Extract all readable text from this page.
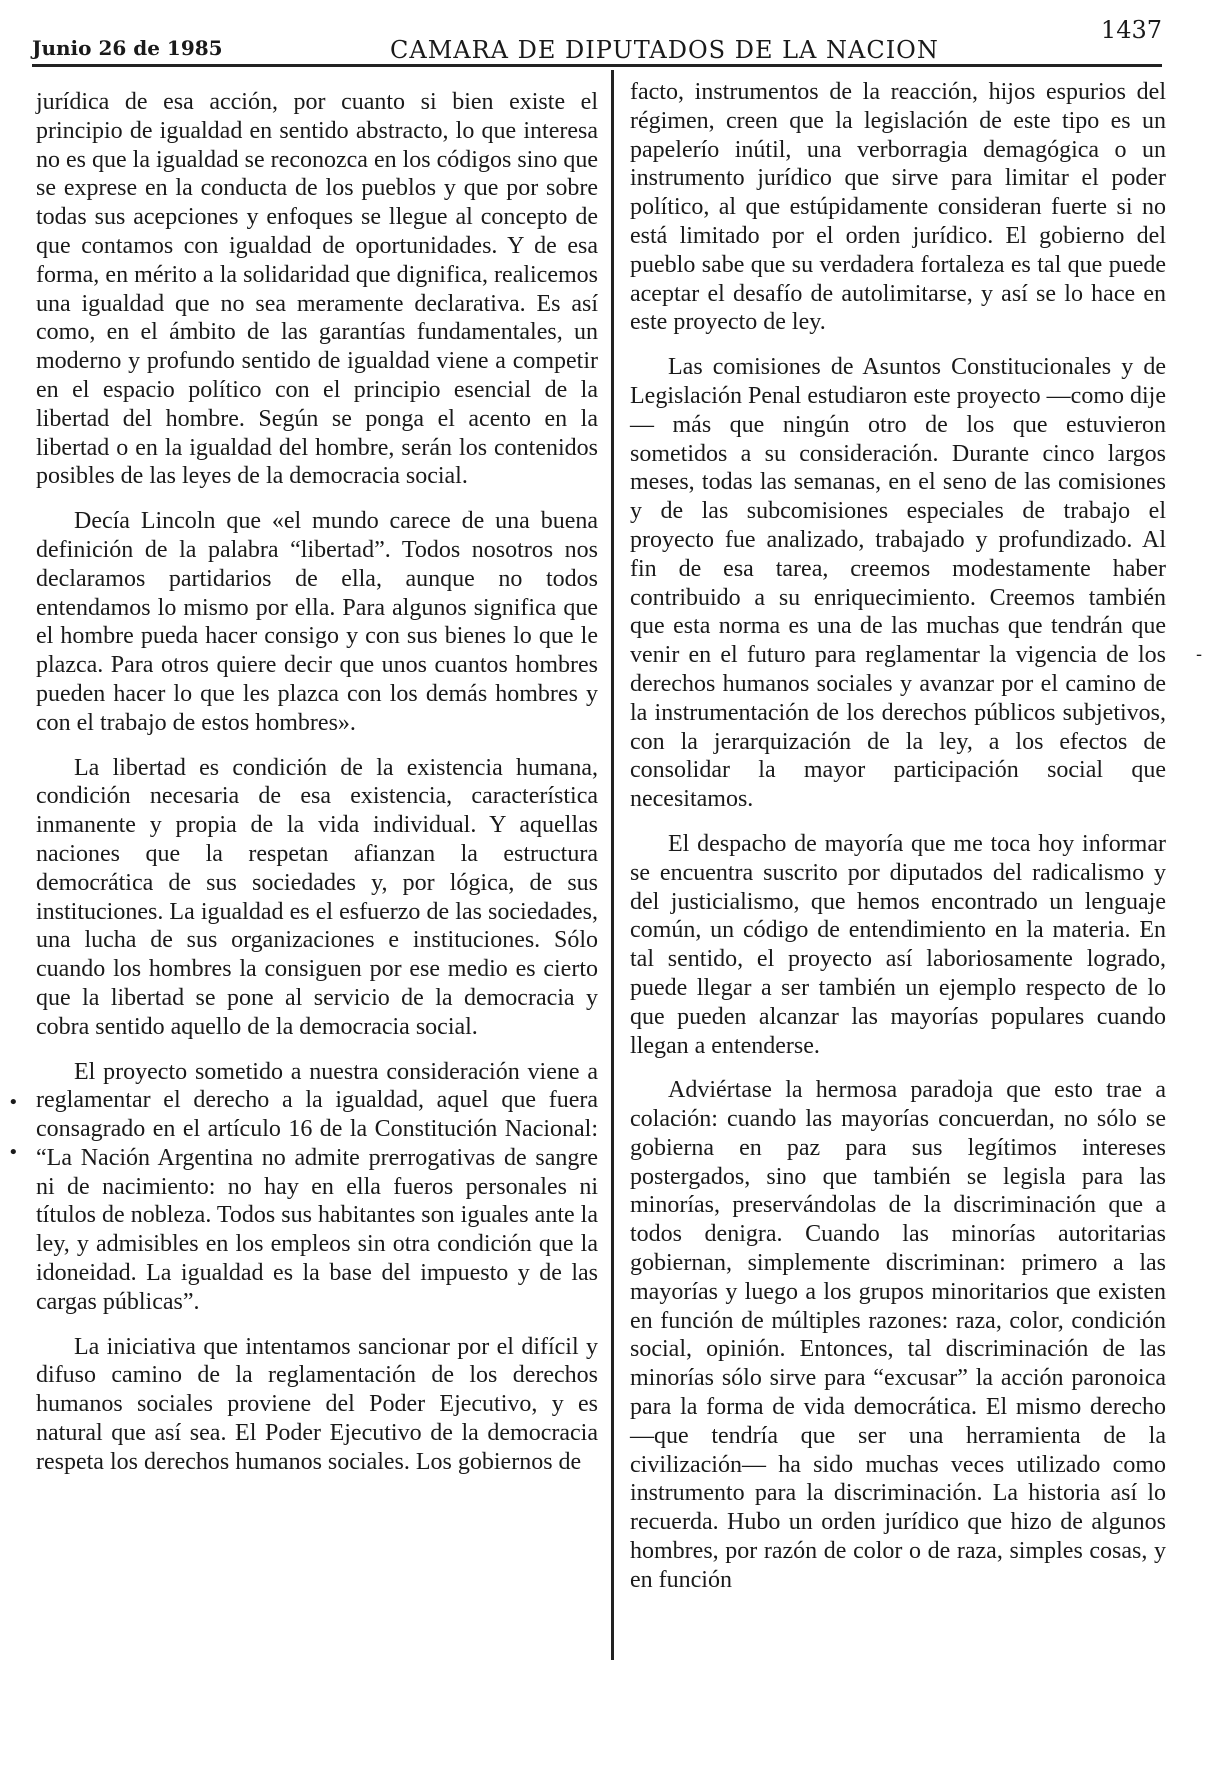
Junio 26 de 1985	CAMARA DE DIPUTADOS DE LA NACION
1437
•
•
-

jurídica de esa acción, por cuanto si bien existe el principio de igualdad en sentido abstracto, lo que interesa no es que la igualdad se reconozca en los códigos sino que se exprese en la conducta de los pueblos y que por sobre todas sus acepciones y enfoques se llegue al concepto de que contamos con igualdad de oportunidades. Y de esa forma, en mérito a la solidaridad que dignifica, realicemos una igualdad que no sea meramente declarativa. Es así como, en el ámbito de las garantías fundamentales, un moderno y profundo sentido de igualdad viene a competir en el espacio político con el principio esencial de la libertad del hombre. Según se ponga el acento en la libertad o en la igualdad del hombre, serán los contenidos posibles de las leyes de la democracia social.

Decía Lincoln que «el mundo carece de una buena definición de la palabra “libertad”. Todos nosotros nos declaramos partidarios de ella, aunque no todos entendamos lo mismo por ella. Para algunos significa que el hombre pueda hacer consigo y con sus bienes lo que le plazca. Para otros quiere decir que unos cuantos hombres pueden hacer lo que les plazca con los demás hombres y con el trabajo de estos hombres».

La libertad es condición de la existencia humana, condición necesaria de esa existencia, característica inmanente y propia de la vida individual. Y aquellas naciones que la respetan afianzan la estructura democrática de sus sociedades y, por lógica, de sus instituciones. La igualdad es el esfuerzo de las sociedades, una lucha de sus organizaciones e instituciones. Sólo cuando los hombres la consiguen por ese medio es cierto que la libertad se pone al servicio de la democracia y cobra sentido aquello de la democracia social.

El proyecto sometido a nuestra consideración viene a reglamentar el derecho a la igualdad, aquel que fuera consagrado en el artículo 16 de la Constitución Nacional: “La Nación Argentina no admite prerrogativas de sangre ni de nacimiento: no hay en ella fueros personales ni títulos de nobleza. Todos sus habitantes son iguales ante la ley, y admisibles en los empleos sin otra condición que la idoneidad. La igualdad es la base del impuesto y de las cargas públicas”.

La iniciativa que intentamos sancionar por el difícil y difuso camino de la reglamentación de los derechos humanos sociales proviene del Poder Ejecutivo, y es natural que así sea. El Poder Ejecutivo de la democracia respeta los derechos humanos sociales. Los gobiernos de

facto, instrumentos de la reacción, hijos espurios del régimen, creen que la legislación de este tipo es un papelerío inútil, una verborragia demagógica o un instrumento jurídico que sirve para limitar el poder político, al que estúpidamente consideran fuerte si no está limitado por el orden jurídico. El gobierno del pueblo sabe que su verdadera fortaleza es tal que puede aceptar el desafío de autolimitarse, y así se lo hace en este proyecto de ley.

Las comisiones de Asuntos Constitucionales y de Legislación Penal estudiaron este proyecto —como dije— más que ningún otro de los que estuvieron sometidos a su consideración. Durante cinco largos meses, todas las semanas, en el seno de las comisiones y de las subcomisiones especiales de trabajo el proyecto fue analizado, trabajado y profundizado. Al fin de esa tarea, creemos modestamente haber contribuido a su enriquecimiento. Creemos también que esta norma es una de las muchas que tendrán que venir en el futuro para reglamentar la vigencia de los derechos humanos sociales y avanzar por el camino de la instrumentación de los derechos públicos subjetivos, con la jerarquización de la ley, a los efectos de consolidar la mayor participación social que necesitamos.

El despacho de mayoría que me toca hoy informar se encuentra suscrito por diputados del radicalismo y del justicialismo, que hemos encontrado un lenguaje común, un código de entendimiento en la materia. En tal sentido, el proyecto así laboriosamente logrado, puede llegar a ser también un ejemplo respecto de lo que pueden alcanzar las mayorías populares cuando llegan a entenderse.

Adviértase la hermosa paradoja que esto trae a colación: cuando las mayorías concuerdan, no sólo se gobierna en paz para sus legítimos intereses postergados, sino que también se legisla para las minorías, preservándolas de la discriminación que a todos denigra. Cuando las minorías autoritarias gobiernan, simplemente discriminan: primero a las mayorías y luego a los grupos minoritarios que existen en función de múltiples razones: raza, color, condición social, opinión. Entonces, tal discriminación de las minorías sólo sirve para “excusar” la acción paronoica para la forma de vida democrática. El mismo derecho —que tendría que ser una herramienta de la civilización— ha sido muchas veces utilizado como instrumento para la discriminación. La historia así lo recuerda. Hubo un orden jurídico que hizo de algunos hombres, por razón de color o de raza, simples cosas, y en función
